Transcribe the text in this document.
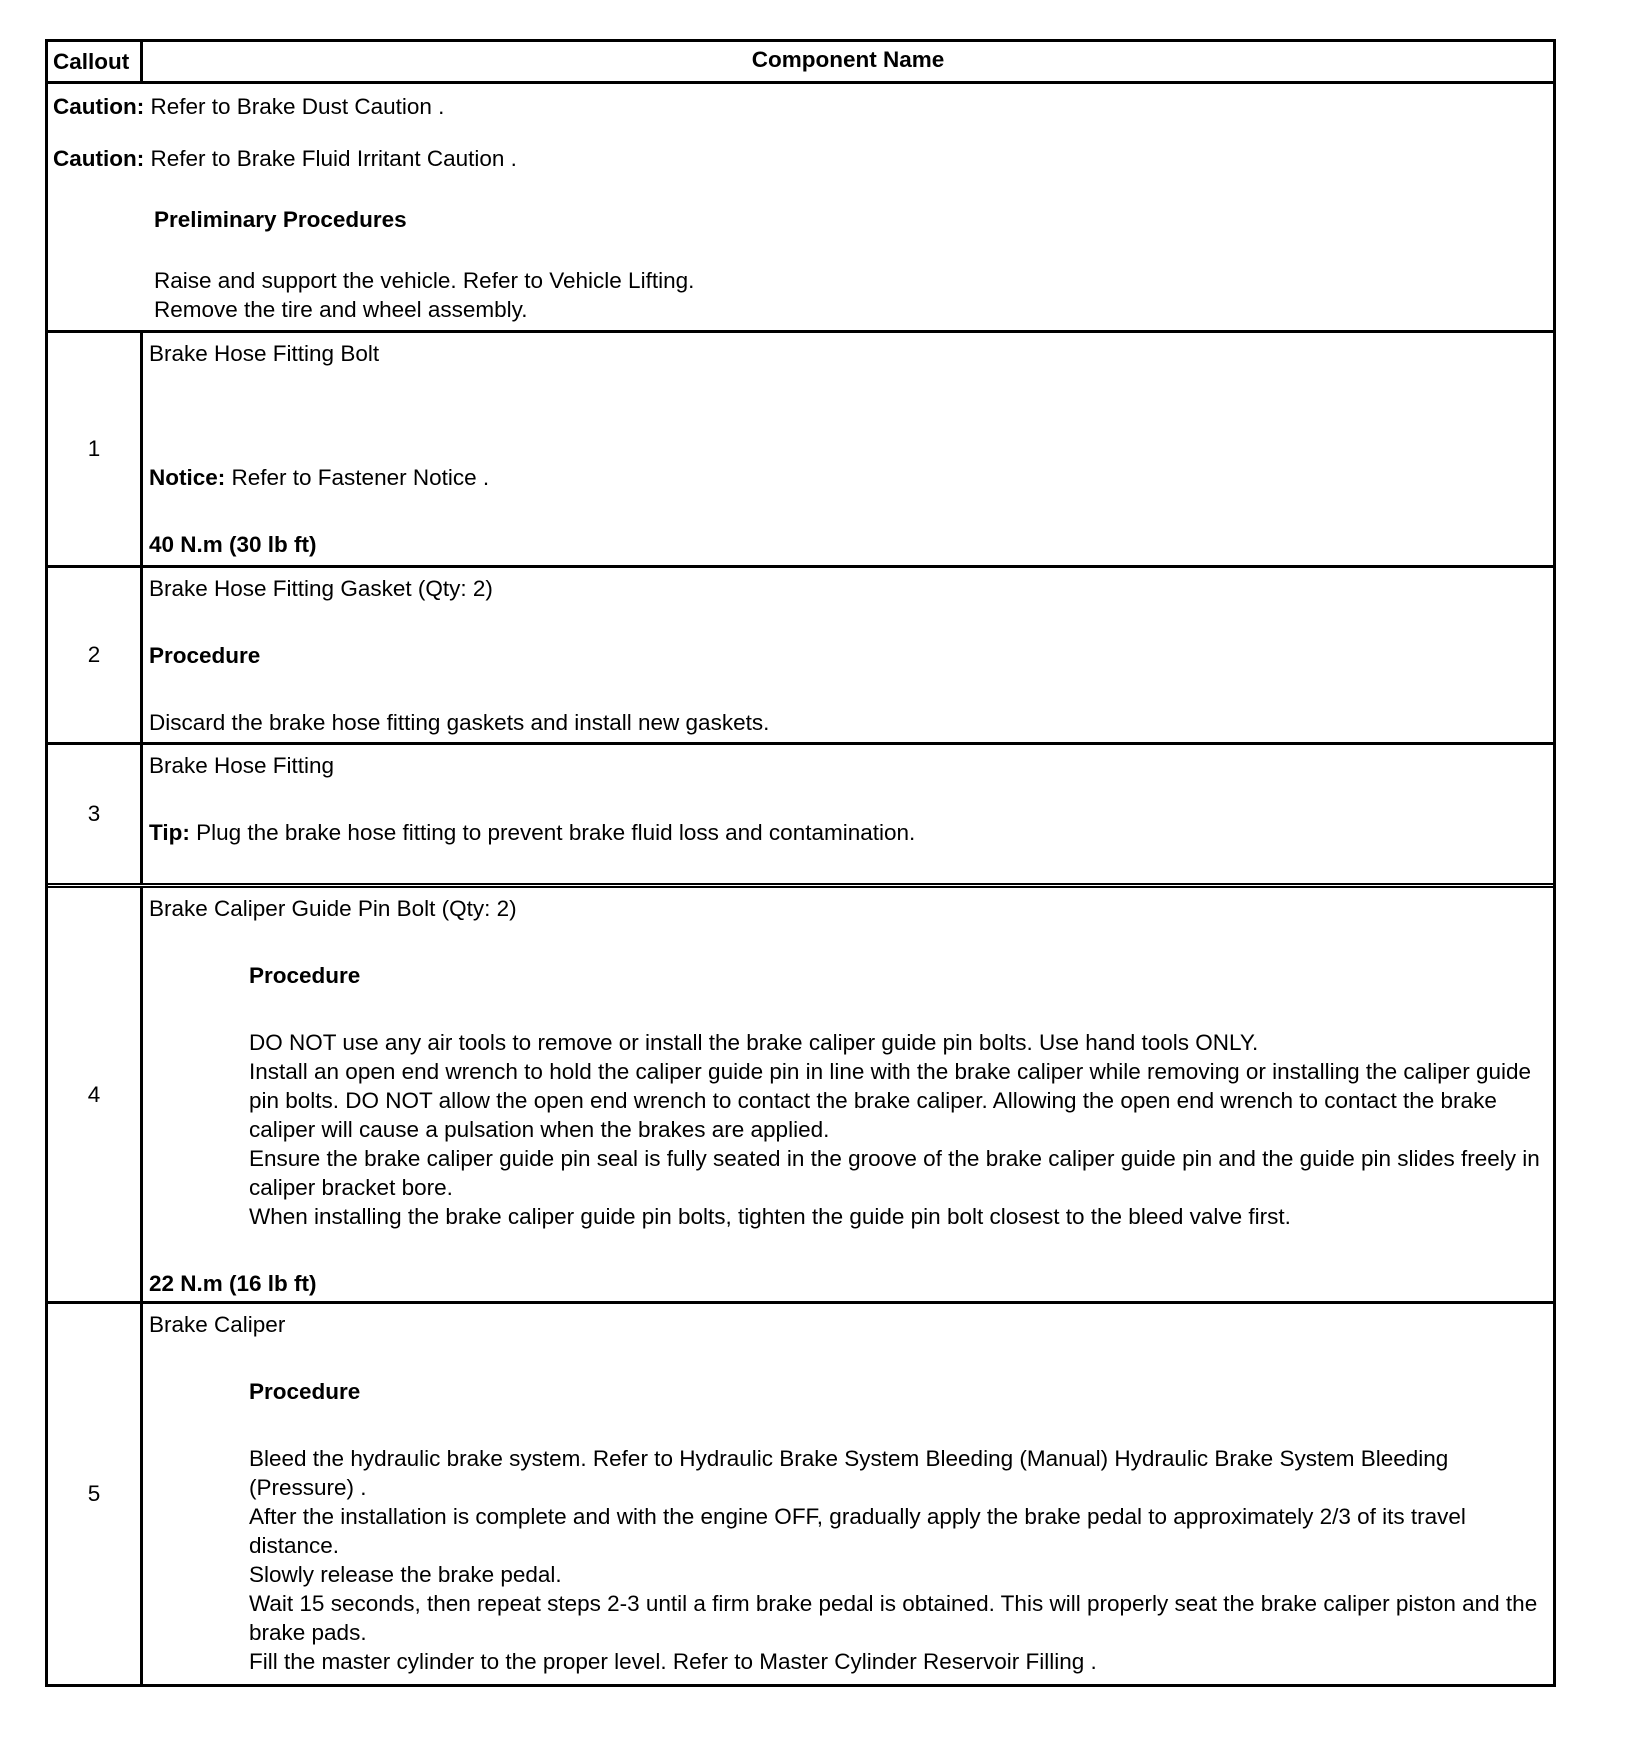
Callout	Component Name
Caution: Refer to Brake Dust Caution .
Caution: Refer to Brake Fluid Irritant Caution .
Preliminary Procedures
Raise and support the vehicle. Refer to Vehicle Lifting.
Remove the tire and wheel assembly.
1
Brake Hose Fitting Bolt
Notice: Refer to Fastener Notice .
40 N.m (30 lb ft)
2
Brake Hose Fitting Gasket (Qty: 2)
Procedure
Discard the brake hose fitting gaskets and install new gaskets.
3
Brake Hose Fitting
Tip: Plug the brake hose fitting to prevent brake fluid loss and contamination.
4
Brake Caliper Guide Pin Bolt (Qty: 2)
Procedure
DO NOT use any air tools to remove or install the brake caliper guide pin bolts. Use hand tools ONLY.
Install an open end wrench to hold the caliper guide pin in line with the brake caliper while removing or installing the caliper guide pin bolts. DO NOT allow the open end wrench to contact the brake caliper. Allowing the open end wrench to contact the brake caliper will cause a pulsation when the brakes are applied.
Ensure the brake caliper guide pin seal is fully seated in the groove of the brake caliper guide pin and the guide pin slides freely in caliper bracket bore.
When installing the brake caliper guide pin bolts, tighten the guide pin bolt closest to the bleed valve first.
22 N.m (16 lb ft)
5
Brake Caliper
Procedure
Bleed the hydraulic brake system. Refer to Hydraulic Brake System Bleeding (Manual) Hydraulic Brake System Bleeding (Pressure) .
After the installation is complete and with the engine OFF, gradually apply the brake pedal to approximately 2/3 of its travel distance.
Slowly release the brake pedal.
Wait 15 seconds, then repeat steps 2-3 until a firm brake pedal is obtained. This will properly seat the brake caliper piston and the brake pads.
Fill the master cylinder to the proper level. Refer to Master Cylinder Reservoir Filling .
